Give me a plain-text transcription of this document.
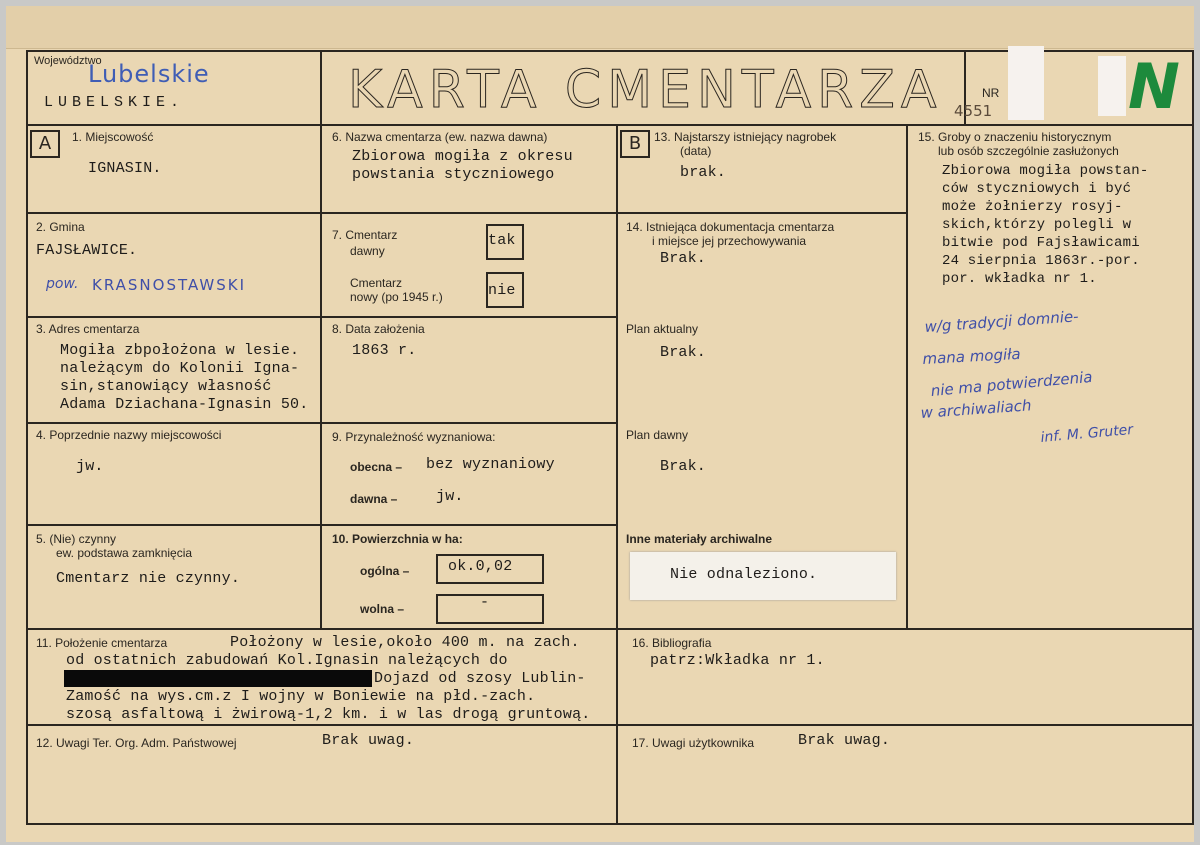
Województwo
Lubelskie
LUBELSKIE.	KARTA CMENTARZA	NR
4551 N
A	1. Miejscowość
IGNASIN.
2. Gmina
FAJSŁAWICE.
pow. KRASNOSTAWSKI
3. Adres cmentarza
Mogiła zbpołożona w lesie.
należącym do Kolonii Igna-
sin,stanowiący własność
Adama Dziachana-Ignasin 50.
4. Poprzednie nazwy miejscowości
jw.
5. (Nie) czynny
ew. podstawa zamknięcia
Cmentarz nie czynny.
6. Nazwa cmentarza (ew. nazwa dawna)
Zbiorowa mogiła z okresu
powstania styczniowego
7. Cmentarz
dawny
tak
Cmentarz
nowy (po 1945 r.)	nie
8. Data założenia
1863 r.
9. Przynależność wyznaniowa:
obecna – bez wyznaniowy
dawna –	jw.
10. Powierzchnia w ha:
ogólna –	ok.0,02
wolna –	-
B	13. Najstarszy istniejący nagrobek
(data)
brak.
14. Istniejąca dokumentacja cmentarza
i miejsce jej przechowywania
Brak.
Plan aktualny
Brak.
Plan dawny
Brak.
Inne materiały archiwalne
Nie odnaleziono.
15. Groby o znaczeniu historycznym
lub osób szczególnie zasłużonych
Zbiorowa mogiła powstan-
ców styczniowych i być
może żołnierzy rosyj-
skich,którzy polegli w
bitwie pod Fajsławicami
24 sierpnia 1863r.-por.
por. wkładka nr 1.
w/g tradycji domnie-
mana mogiła
nie ma potwierdzenia
w archiwaliach
inf. M. Gruter
11. Położenie cmentarza	Położony w lesie,około 400 m. na zach.
od ostatnich zabudowań Kol.Ignasin należących do
Dojazd od szosy Lublin-
Zamość na wys.cm.z I wojny w Boniewie na płd.-zach.
szosą asfaltową i żwirową-1,2 km. i w las drogą gruntową.
16. Bibliografia
patrz:Wkładka nr 1.
12. Uwagi Ter. Org. Adm. Państwowej	Brak uwag.	17. Uwagi użytkownika	Brak uwag.
